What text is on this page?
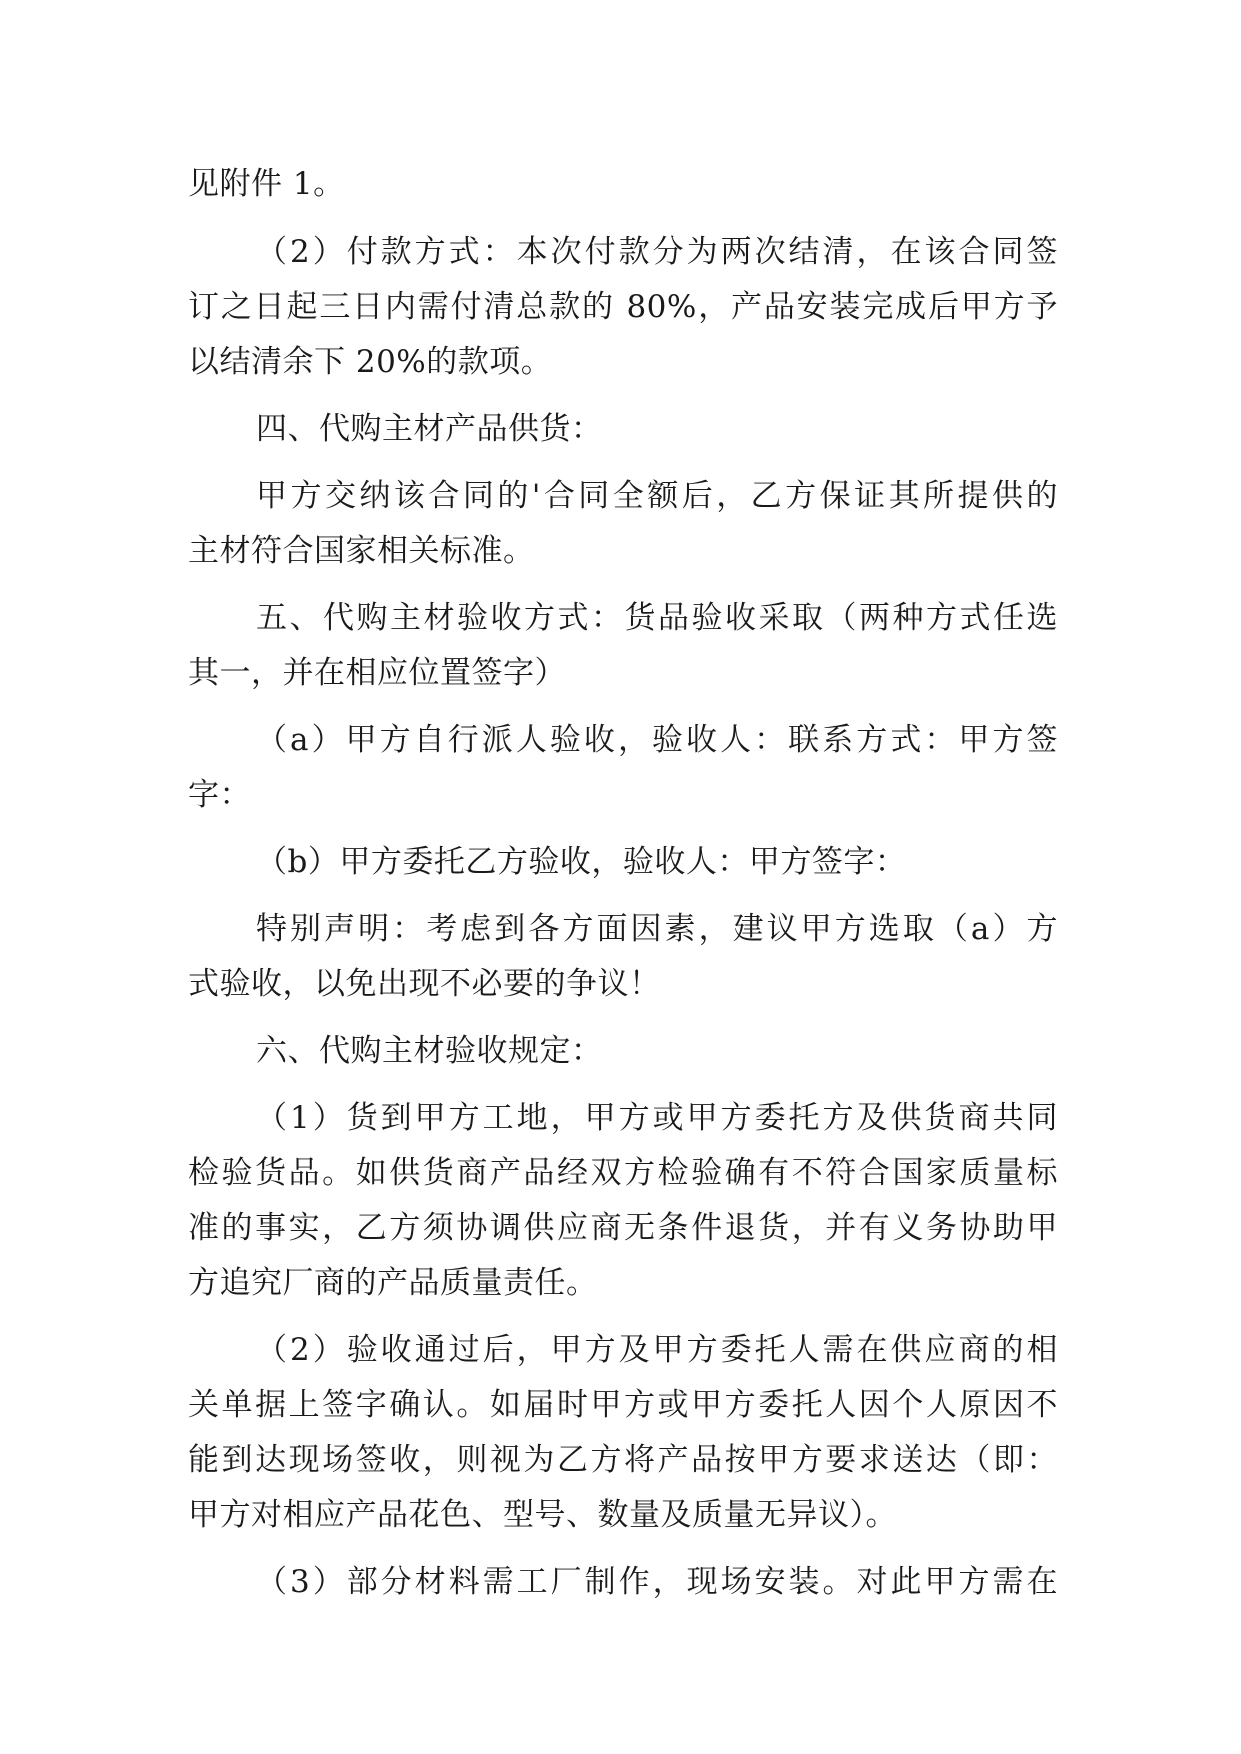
见附件 1。
（2）付款方式：本次付款分为两次结清，在该合同签
订之日起三日内需付清总款的 80%，产品安装完成后甲方予
以结清余下 20%的款项。
四、代购主材产品供货：
甲方交纳该合同的'合同全额后，乙方保证其所提供的
主材符合国家相关标准。
五、代购主材验收方式：货品验收采取（两种方式任选
其一，并在相应位置签字）
（a）甲方自行派人验收，验收人：联系方式：甲方签
字：
（b）甲方委托乙方验收，验收人：甲方签字：
特别声明：考虑到各方面因素，建议甲方选取（a）方
式验收，以免出现不必要的争议！
六、代购主材验收规定：
（1）货到甲方工地，甲方或甲方委托方及供货商共同
检验货品。如供货商产品经双方检验确有不符合国家质量标
准的事实，乙方须协调供应商无条件退货，并有义务协助甲
方追究厂商的产品质量责任。
（2）验收通过后，甲方及甲方委托人需在供应商的相
关单据上签字确认。如届时甲方或甲方委托人因个人原因不
能到达现场签收，则视为乙方将产品按甲方要求送达（即：
甲方对相应产品花色、型号、数量及质量无异议）。
（3）部分材料需工厂制作，现场安装。对此甲方需在
